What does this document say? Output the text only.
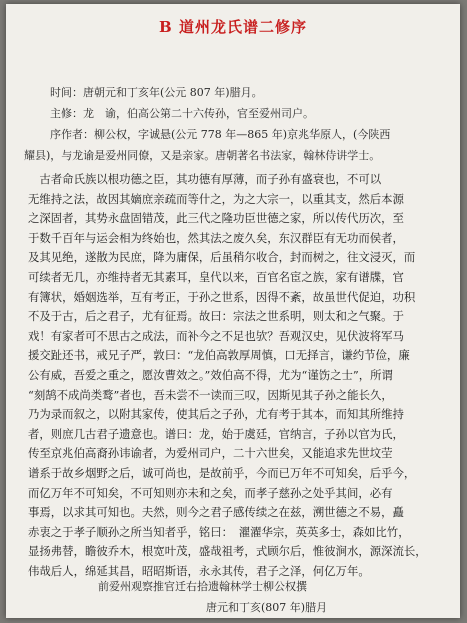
B 道州龙氏谱二修序
时间：唐朝元和丁亥年(公元 807 年)腊月。
主修：龙　谕，伯高公第二十六传孙，官至爱州司户。
序作者：柳公权，字诚悬(公元 778 年—865 年)京兆华原人，(今陕西
耀县)，与龙谕是爱州同僚，又是亲家。唐朝著名书法家，翰林侍讲学士。

　古者命氏族以根功德之臣，其功德有厚薄，而子孙有盛衰也，不可以

无维持之法，故因其嫡庶亲疏而等什之，为之大宗一，以重其支，然后本源

之深固者，其势永盘固错茂，此三代之隆功臣世德之家，所以传代历次，至

于数千百年与运会相为终始也，然其法之废久矣，东汉群臣有无功而侯者，

及其见绝，遂散为民庶，降为庸保，后虽稍尔收合，封而树之，往文浸灭，而

可续者无几，亦维持者无其素耳，皇代以来，百官名宦之族，家有谱牒，官

有簿状，婚姻选举，互有考正，于孙之世系，因得不紊，故虽世代促迫，功积

不及于古，后之君子，尤有征焉。故曰：宗法之世系明，则太和之气聚。于

戏！有家者可不思古之成法，而补今之不足也欤？吾观汉史，见伏波将军马

援交趾还书，戒兄子严，敦曰：“龙伯高敦厚周慎，口无择言，谦约节俭，廉

公有威，吾爱之重之，愿汝曹效之。”效伯高不得，尤为“谨饬之士”，所谓

“刻鹄不成尚类鹜”者也，吾未尝不一读而三叹，因斯见其子孙之能长久，

乃为录而叙之，以附其家传，使其后之子孙，尤有考于其本，而知其所维持

者，则庶几古君子遗意也。谱曰：龙，始于虞廷，官纳言，子孙以官为氏，

传至京兆伯高裔孙讳谕者，为爱州司户，二十六世矣，又能追求先世坟茔

谱系于故乡烟野之后，诚可尚也，是故前乎，今而已万年不可知矣，后乎今，

而亿万年不可知矣，不可知则亦未和之矣，而孝子慈孙之处乎其间，必有

事焉，以求其可知也。夫然，则今之君子感传续之在兹，溯世德之不易，矗

赤衷之于孝子顺孙之所当知者乎，铭曰：　濯濯华宗，英英多士，森如比竹，

显扬弗替，瞻彼乔木，根宽叶茂，盛哉祖考，式顾尔后，惟彼涧水，源深流长，

伟哉后人，绵延其昌，昭昭斯语，永永其传，君子之泽，何亿万年。

前爱州观察推官迁右拾遗翰林学士柳公权撰
唐元和丁亥(807 年)腊月
